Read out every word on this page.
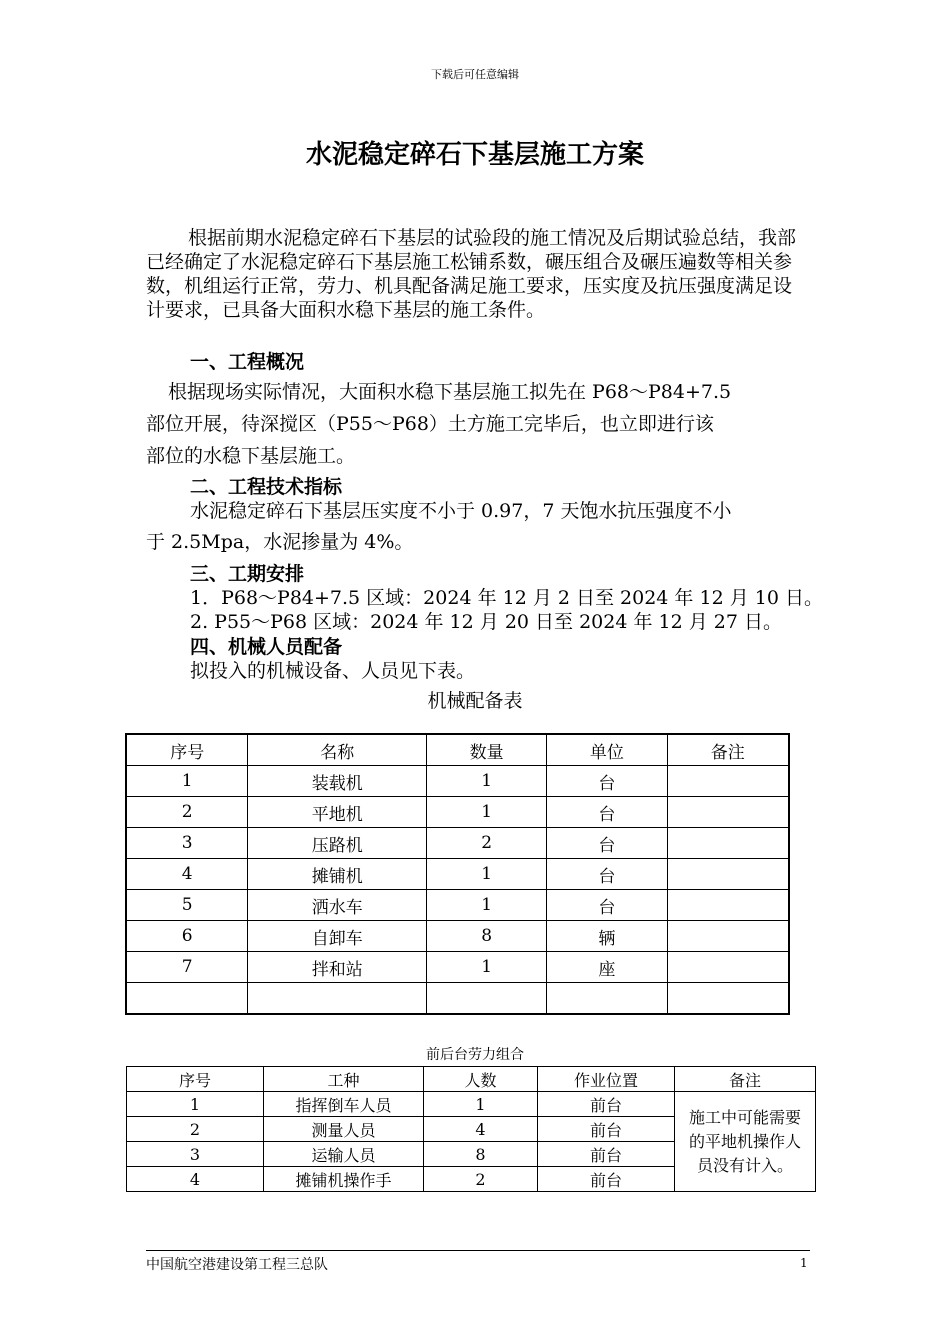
下载后可任意编辑
水泥稳定碎石下基层施工方案
根据前期水泥稳定碎石下基层的试验段的施工情况及后期试验总结，我部已经确定了水泥稳定碎石下基层施工松铺系数，碾压组合及碾压遍数等相关参数，机组运行正常，劳力、机具配备满足施工要求，压实度及抗压强度满足设计要求，已具备大面积水稳下基层的施工条件。
一、工程概况
根据现场实际情况，大面积水稳下基层施工拟先在 P68～P84+7.5
部位开展，待深搅区（P55～P68）土方施工完毕后，也立即进行该
部位的水稳下基层施工。
二、工程技术指标
水泥稳定碎石下基层压实度不小于 0.97，7 天饱水抗压强度不小
于 2.5Mpa，水泥掺量为 4%。
三、工期安排
1．P68～P84+7.5 区域：2024 年 12 月 2 日至 2024 年 12 月 10 日。
2. P55～P68 区域：2024 年 12 月 20 日至 2024 年 12 月 27 日。
四、机械人员配备
拟投入的机械设备、人员见下表。
机械配备表
序号	名称	数量	单位	备注
1	装载机	1	台	
2	平地机	1	台	
3	压路机	2	台	
4	摊铺机	1	台	
5	洒水车	1	台	
6	自卸车	8	辆	
7	拌和站	1	座	

前后台劳力组合
序号	工种	人数	作业位置	备注
1	指挥倒车人员	1	前台	施工中可能需要的平地机操作人员没有计入。
2	测量人员	4	前台	
3	运输人员	8	前台	
4	摊铺机操作手	2	前台	
中国航空港建设第工程三总队	1
